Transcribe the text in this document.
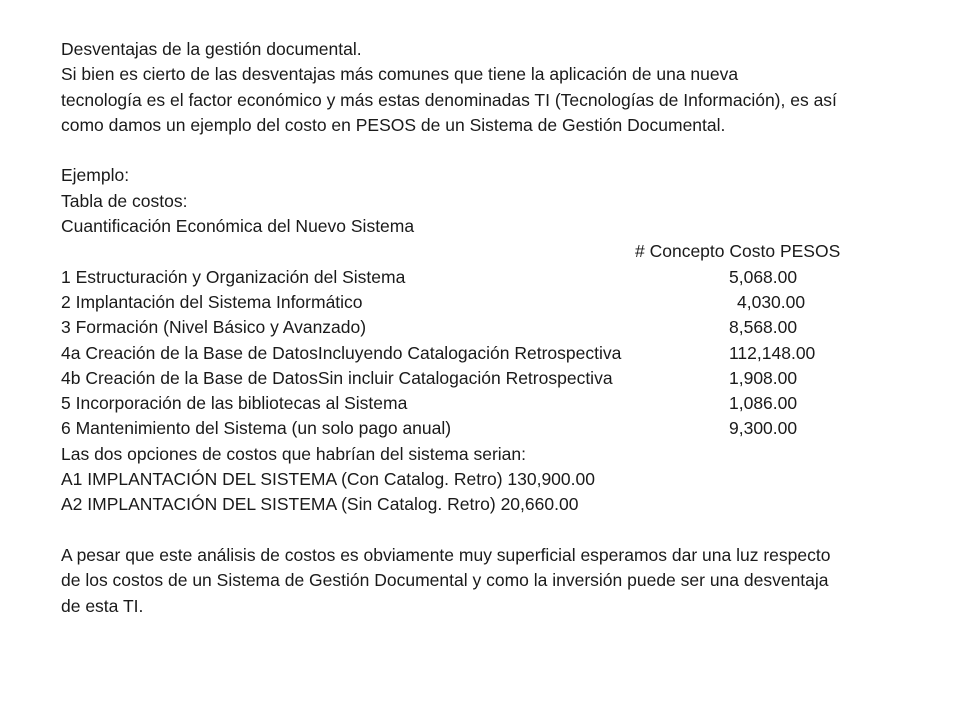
Desventajas de la gestión documental.
Si bien es cierto de las desventajas más comunes que tiene la aplicación de una nueva
tecnología es el factor económico y más estas denominadas TI (Tecnologías de Información), es así
como damos un ejemplo del costo en PESOS de un Sistema de Gestión Documental.
Ejemplo:
Tabla de costos:
Cuantificación Económica del Nuevo Sistema
# Concepto Costo PESOS
1 Estructuración y Organización del Sistema	5,068.00
2 Implantación del Sistema Informático	4,030.00
3 Formación (Nivel Básico y Avanzado)	8,568.00
4a Creación de la Base de DatosIncluyendo Catalogación Retrospectiva	112,148.00
4b Creación de la Base de DatosSin incluir Catalogación Retrospectiva	1,908.00
5 Incorporación de las bibliotecas al Sistema	1,086.00
6 Mantenimiento del Sistema (un solo pago anual)	9,300.00
Las dos opciones de costos que habrían del sistema serian:
A1 IMPLANTACIÓN DEL SISTEMA (Con Catalog. Retro) 130,900.00
A2 IMPLANTACIÓN DEL SISTEMA (Sin Catalog. Retro) 20,660.00
A pesar que este análisis de costos es obviamente muy superficial esperamos dar una luz respecto
de los costos de un Sistema de Gestión Documental y como la inversión puede ser una desventaja
de esta TI.
